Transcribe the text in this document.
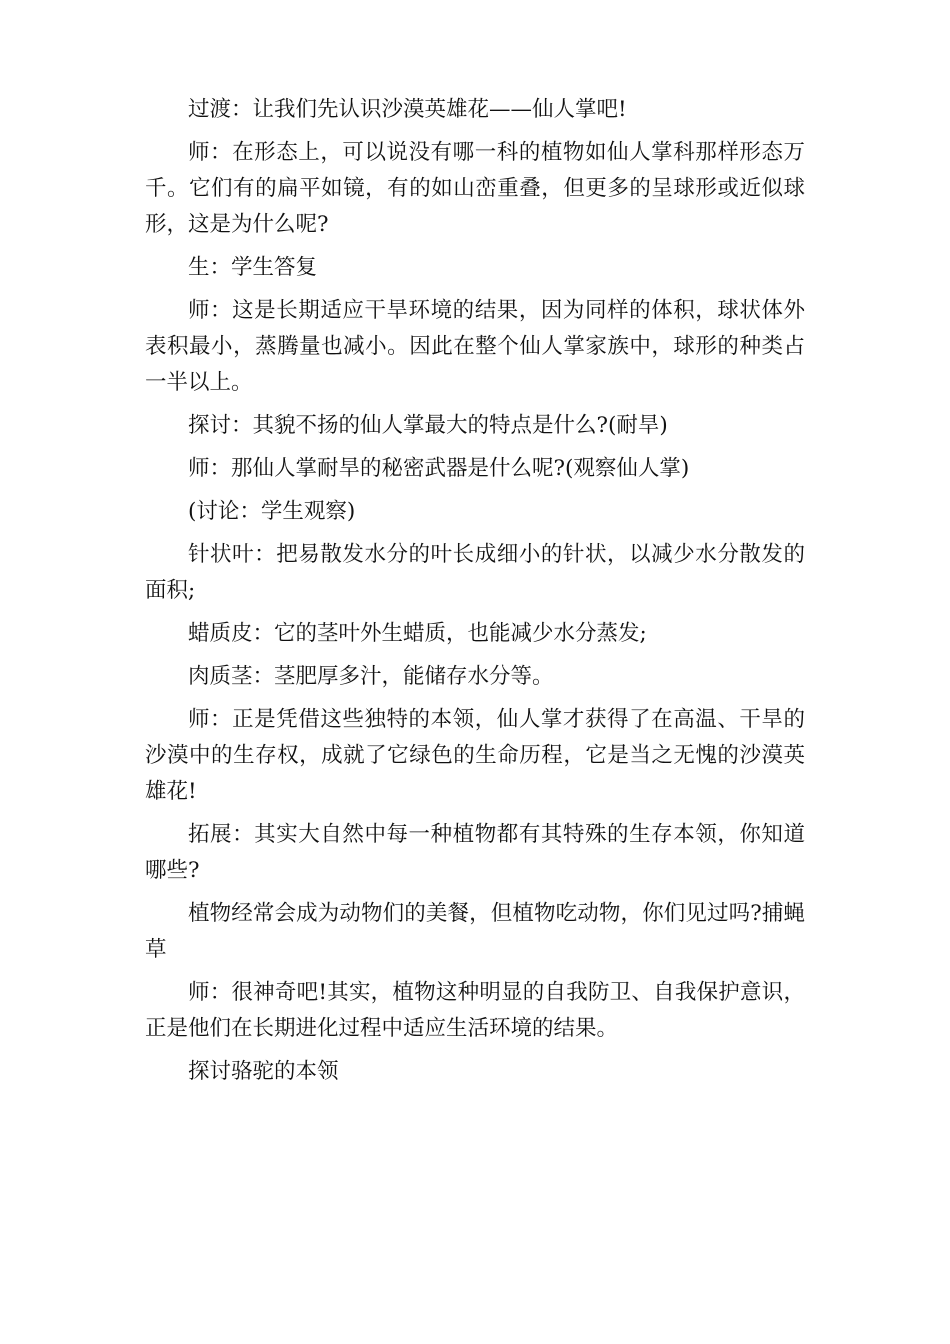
过渡：让我们先认识沙漠英雄花——仙人掌吧!

师：在形态上，可以说没有哪一科的植物如仙人掌科那样形态万千。它们有的扁平如镜，有的如山峦重叠，但更多的呈球形或近似球形，这是为什么呢?

生：学生答复

师：这是长期适应干旱环境的结果，因为同样的体积，球状体外表积最小，蒸腾量也减小。因此在整个仙人掌家族中，球形的种类占一半以上。

探讨：其貌不扬的仙人掌最大的特点是什么?(耐旱)

师：那仙人掌耐旱的秘密武器是什么呢?(观察仙人掌)

(讨论：学生观察)

针状叶：把易散发水分的叶长成细小的针状，以减少水分散发的面积;

蜡质皮：它的茎叶外生蜡质，也能减少水分蒸发;

肉质茎：茎肥厚多汁，能储存水分等。

师：正是凭借这些独特的本领，仙人掌才获得了在高温、干旱的沙漠中的生存权，成就了它绿色的生命历程，它是当之无愧的沙漠英雄花!

拓展：其实大自然中每一种植物都有其特殊的生存本领，你知道哪些?

植物经常会成为动物们的美餐，但植物吃动物，你们见过吗?捕蝇草

师：很神奇吧!其实，植物这种明显的自我防卫、自我保护意识，正是他们在长期进化过程中适应生活环境的结果。

探讨骆驼的本领
